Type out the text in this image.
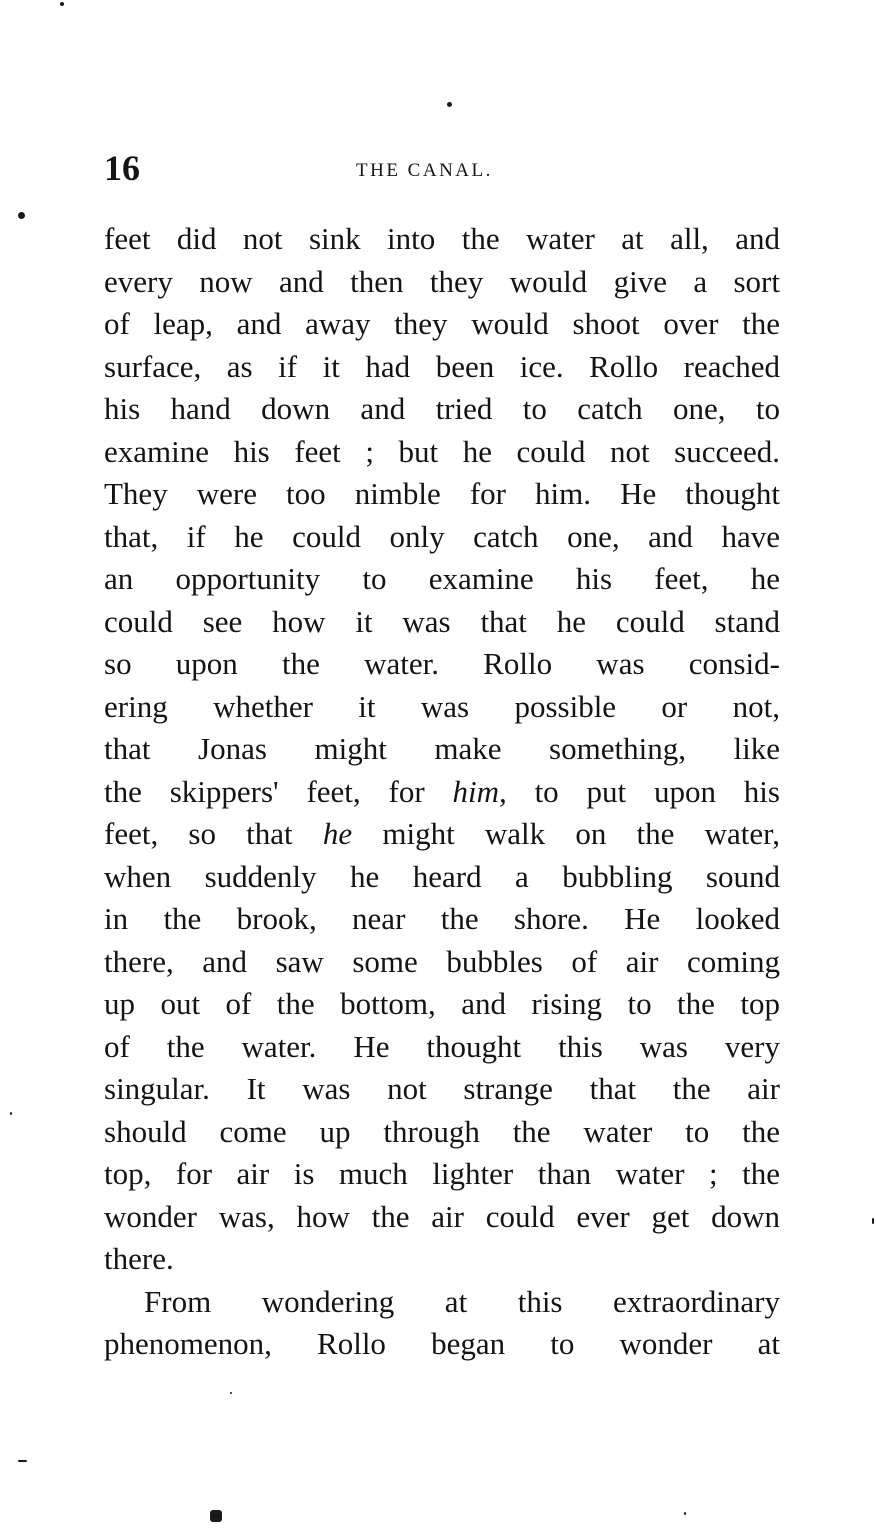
16	THE CANAL.
feet did not sink into the water at all, and
every now and then they would give a sort
of leap, and away they would shoot over the
surface, as if it had been ice. Rollo reached
his hand down and tried to catch one, to
examine his feet ; but he could not succeed.
They were too nimble for him. He thought
that, if he could only catch one, and have
an opportunity to examine his feet, he
could see how it was that he could stand
so upon the water. Rollo was consid-
ering whether it was possible or not,
that Jonas might make something, like
the skippers' feet, for him, to put upon his
feet, so that he might walk on the water,
when suddenly he heard a bubbling sound
in the brook, near the shore. He looked
there, and saw some bubbles of air coming
up out of the bottom, and rising to the top
of the water. He thought this was very
singular. It was not strange that the air
should come up through the water to the
top, for air is much lighter than water ; the
wonder was, how the air could ever get down
there.
From wondering at this extraordinary
phenomenon, Rollo began to wonder at
